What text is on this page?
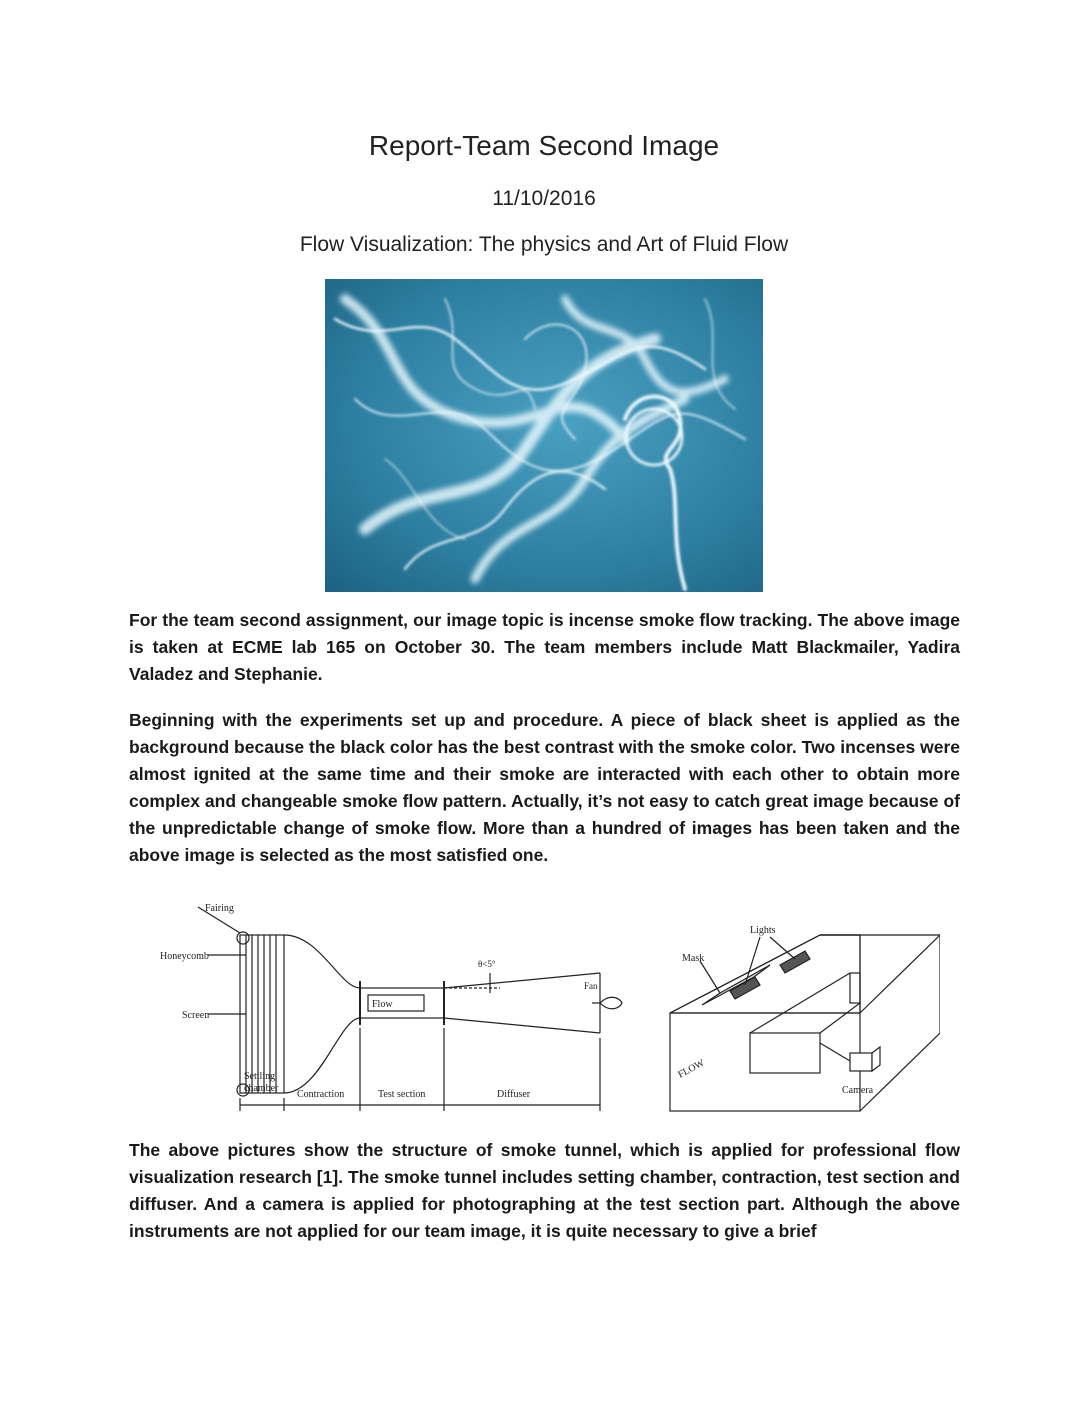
Report-Team Second Image
11/10/2016
Flow Visualization: The physics and Art of Fluid Flow
For the team second assignment, our image topic is incense smoke flow tracking. The above image is taken at ECME lab 165 on October 30. The team members include Matt Blackmailer, Yadira Valadez and Stephanie.
Beginning with the experiments set up and procedure. A piece of black sheet is applied as the background because the black color has the best contrast with the smoke color. Two incenses were almost ignited at the same time and their smoke are interacted with each other to obtain more complex and changeable smoke flow pattern. Actually, it’s not easy to catch great image because of the unpredictable change of smoke flow. More than a hundred of images has been taken and the above image is selected as the most satisfied one.
Fairing
Honeycomb
Screen
Settling
chamber
Contraction	Test section	Diffuser
Flow
Fan
θ<5°	Mask
Lights
Camera
FLOW
The above pictures show the structure of smoke tunnel, which is applied for professional flow visualization research [1]. The smoke tunnel includes setting chamber, contraction, test section and diffuser. And a camera is applied for photographing at the test section part. Although the above instruments are not applied for our team image, it is quite necessary to give a brief
